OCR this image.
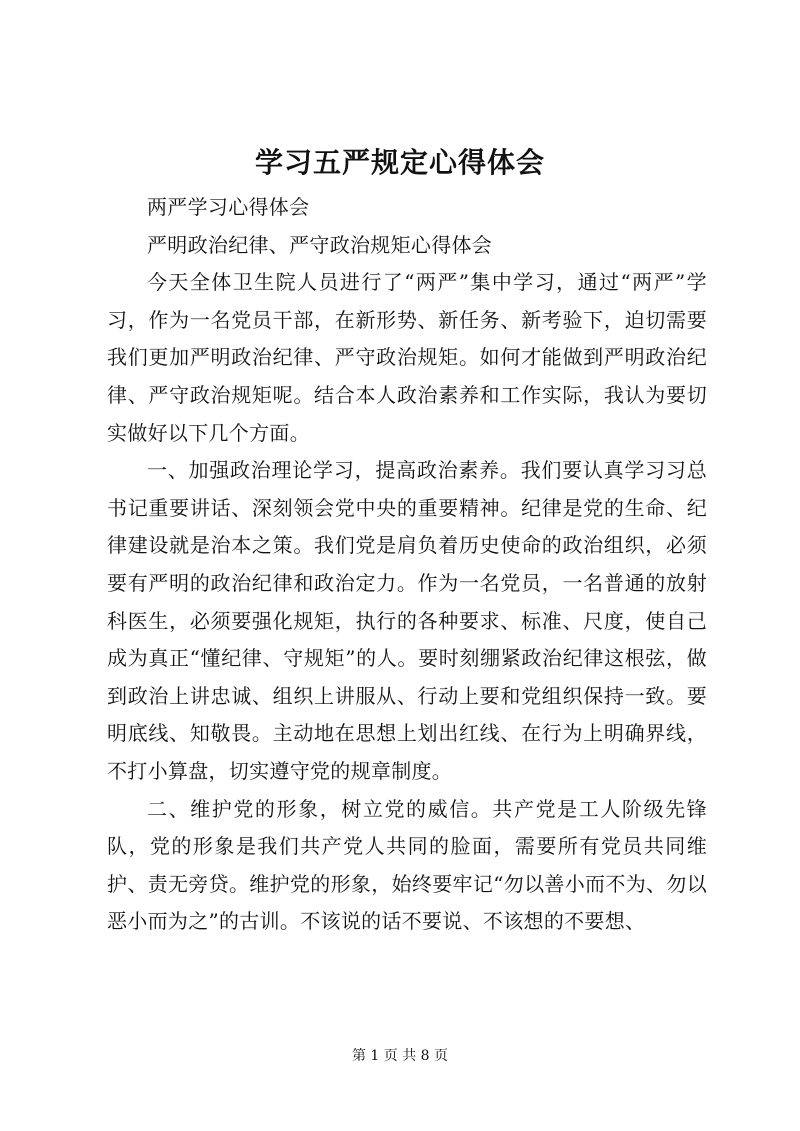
学习五严规定心得体会

两严学习心得体会

严明政治纪律、严守政治规矩心得体会

今天全体卫生院人员进行了“两严”集中学习，通过“两严”学习，作为一名党员干部，在新形势、新任务、新考验下，迫切需要我们更加严明政治纪律、严守政治规矩。如何才能做到严明政治纪律、严守政治规矩呢。结合本人政治素养和工作实际，我认为要切实做好以下几个方面。

一、加强政治理论学习，提高政治素养。我们要认真学习习总书记重要讲话、深刻领会党中央的重要精神。纪律是党的生命、纪律建设就是治本之策。我们党是肩负着历史使命的政治组织，必须要有严明的政治纪律和政治定力。作为一名党员，一名普通的放射科医生，必须要强化规矩，执行的各种要求、标准、尺度，使自己成为真正“懂纪律、守规矩”的人。要时刻绷紧政治纪律这根弦，做到政治上讲忠诚、组织上讲服从、行动上要和党组织保持一致。要明底线、知敬畏。主动地在思想上划出红线、在行为上明确界线，不打小算盘，切实遵守党的规章制度。

二、维护党的形象，树立党的威信。共产党是工人阶级先锋队，党的形象是我们共产党人共同的脸面，需要所有党员共同维护、责无旁贷。维护党的形象，始终要牢记“勿以善小而不为、勿以恶小而为之”的古训。不该说的话不要说、不该想的不要想、

第 1 页 共 8 页
